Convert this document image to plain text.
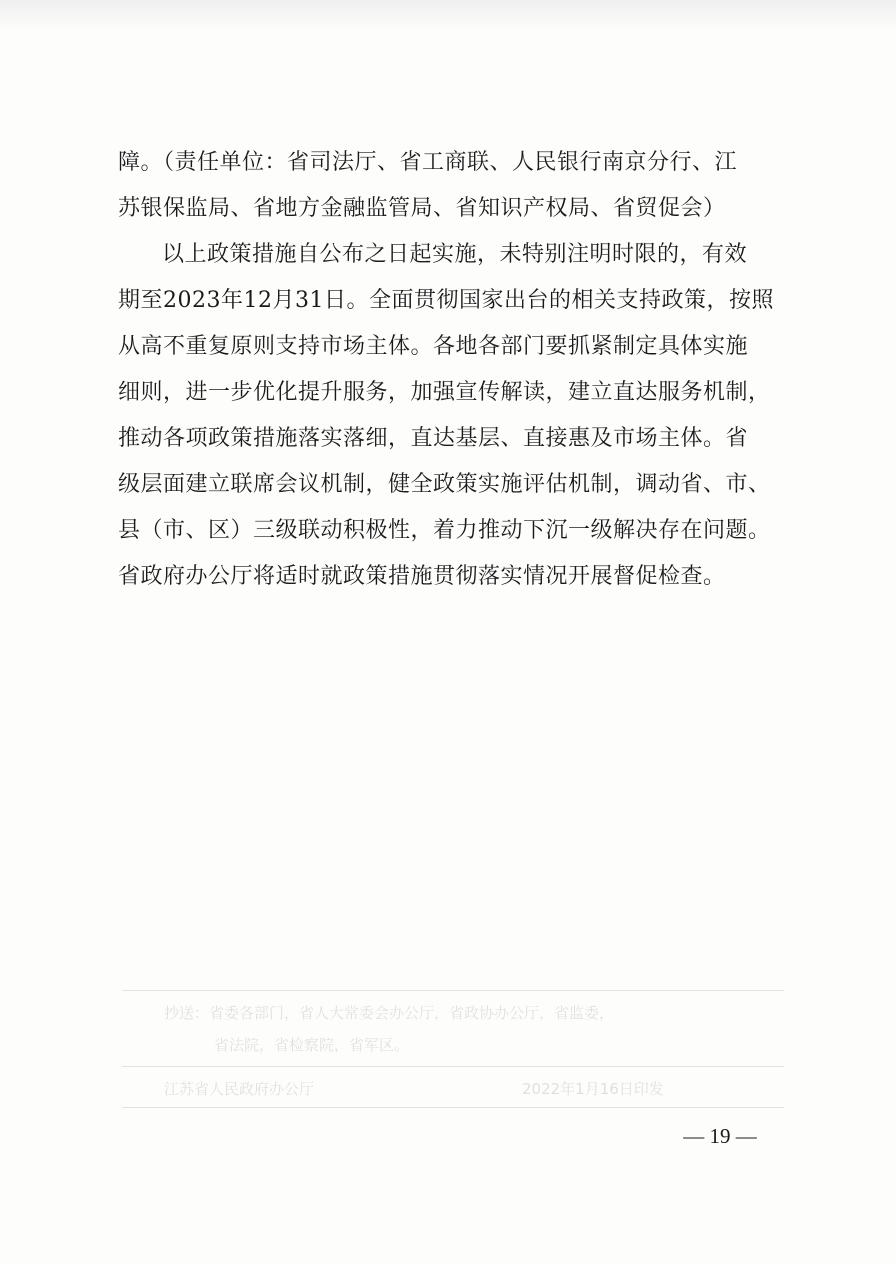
障。（责任单位：省司法厅、省工商联、人民银行南京分行、江
苏银保监局、省地方金融监管局、省知识产权局、省贸促会）
以上政策措施自公布之日起实施，未特别注明时限的，有效
期至2023年12月31日。全面贯彻国家出台的相关支持政策，按照
从高不重复原则支持市场主体。各地各部门要抓紧制定具体实施
细则，进一步优化提升服务，加强宣传解读，建立直达服务机制，
推动各项政策措施落实落细，直达基层、直接惠及市场主体。省
级层面建立联席会议机制，健全政策实施评估机制，调动省、市、
县（市、区）三级联动积极性，着力推动下沉一级解决存在问题。
省政府办公厅将适时就政策措施贯彻落实情况开展督促检查。
抄送：省委各部门，省人大常委会办公厅，省政协办公厅，省监委，
省法院，省检察院，省军区。
江苏省人民政府办公厅	2022年1月16日印发
— 19 —
